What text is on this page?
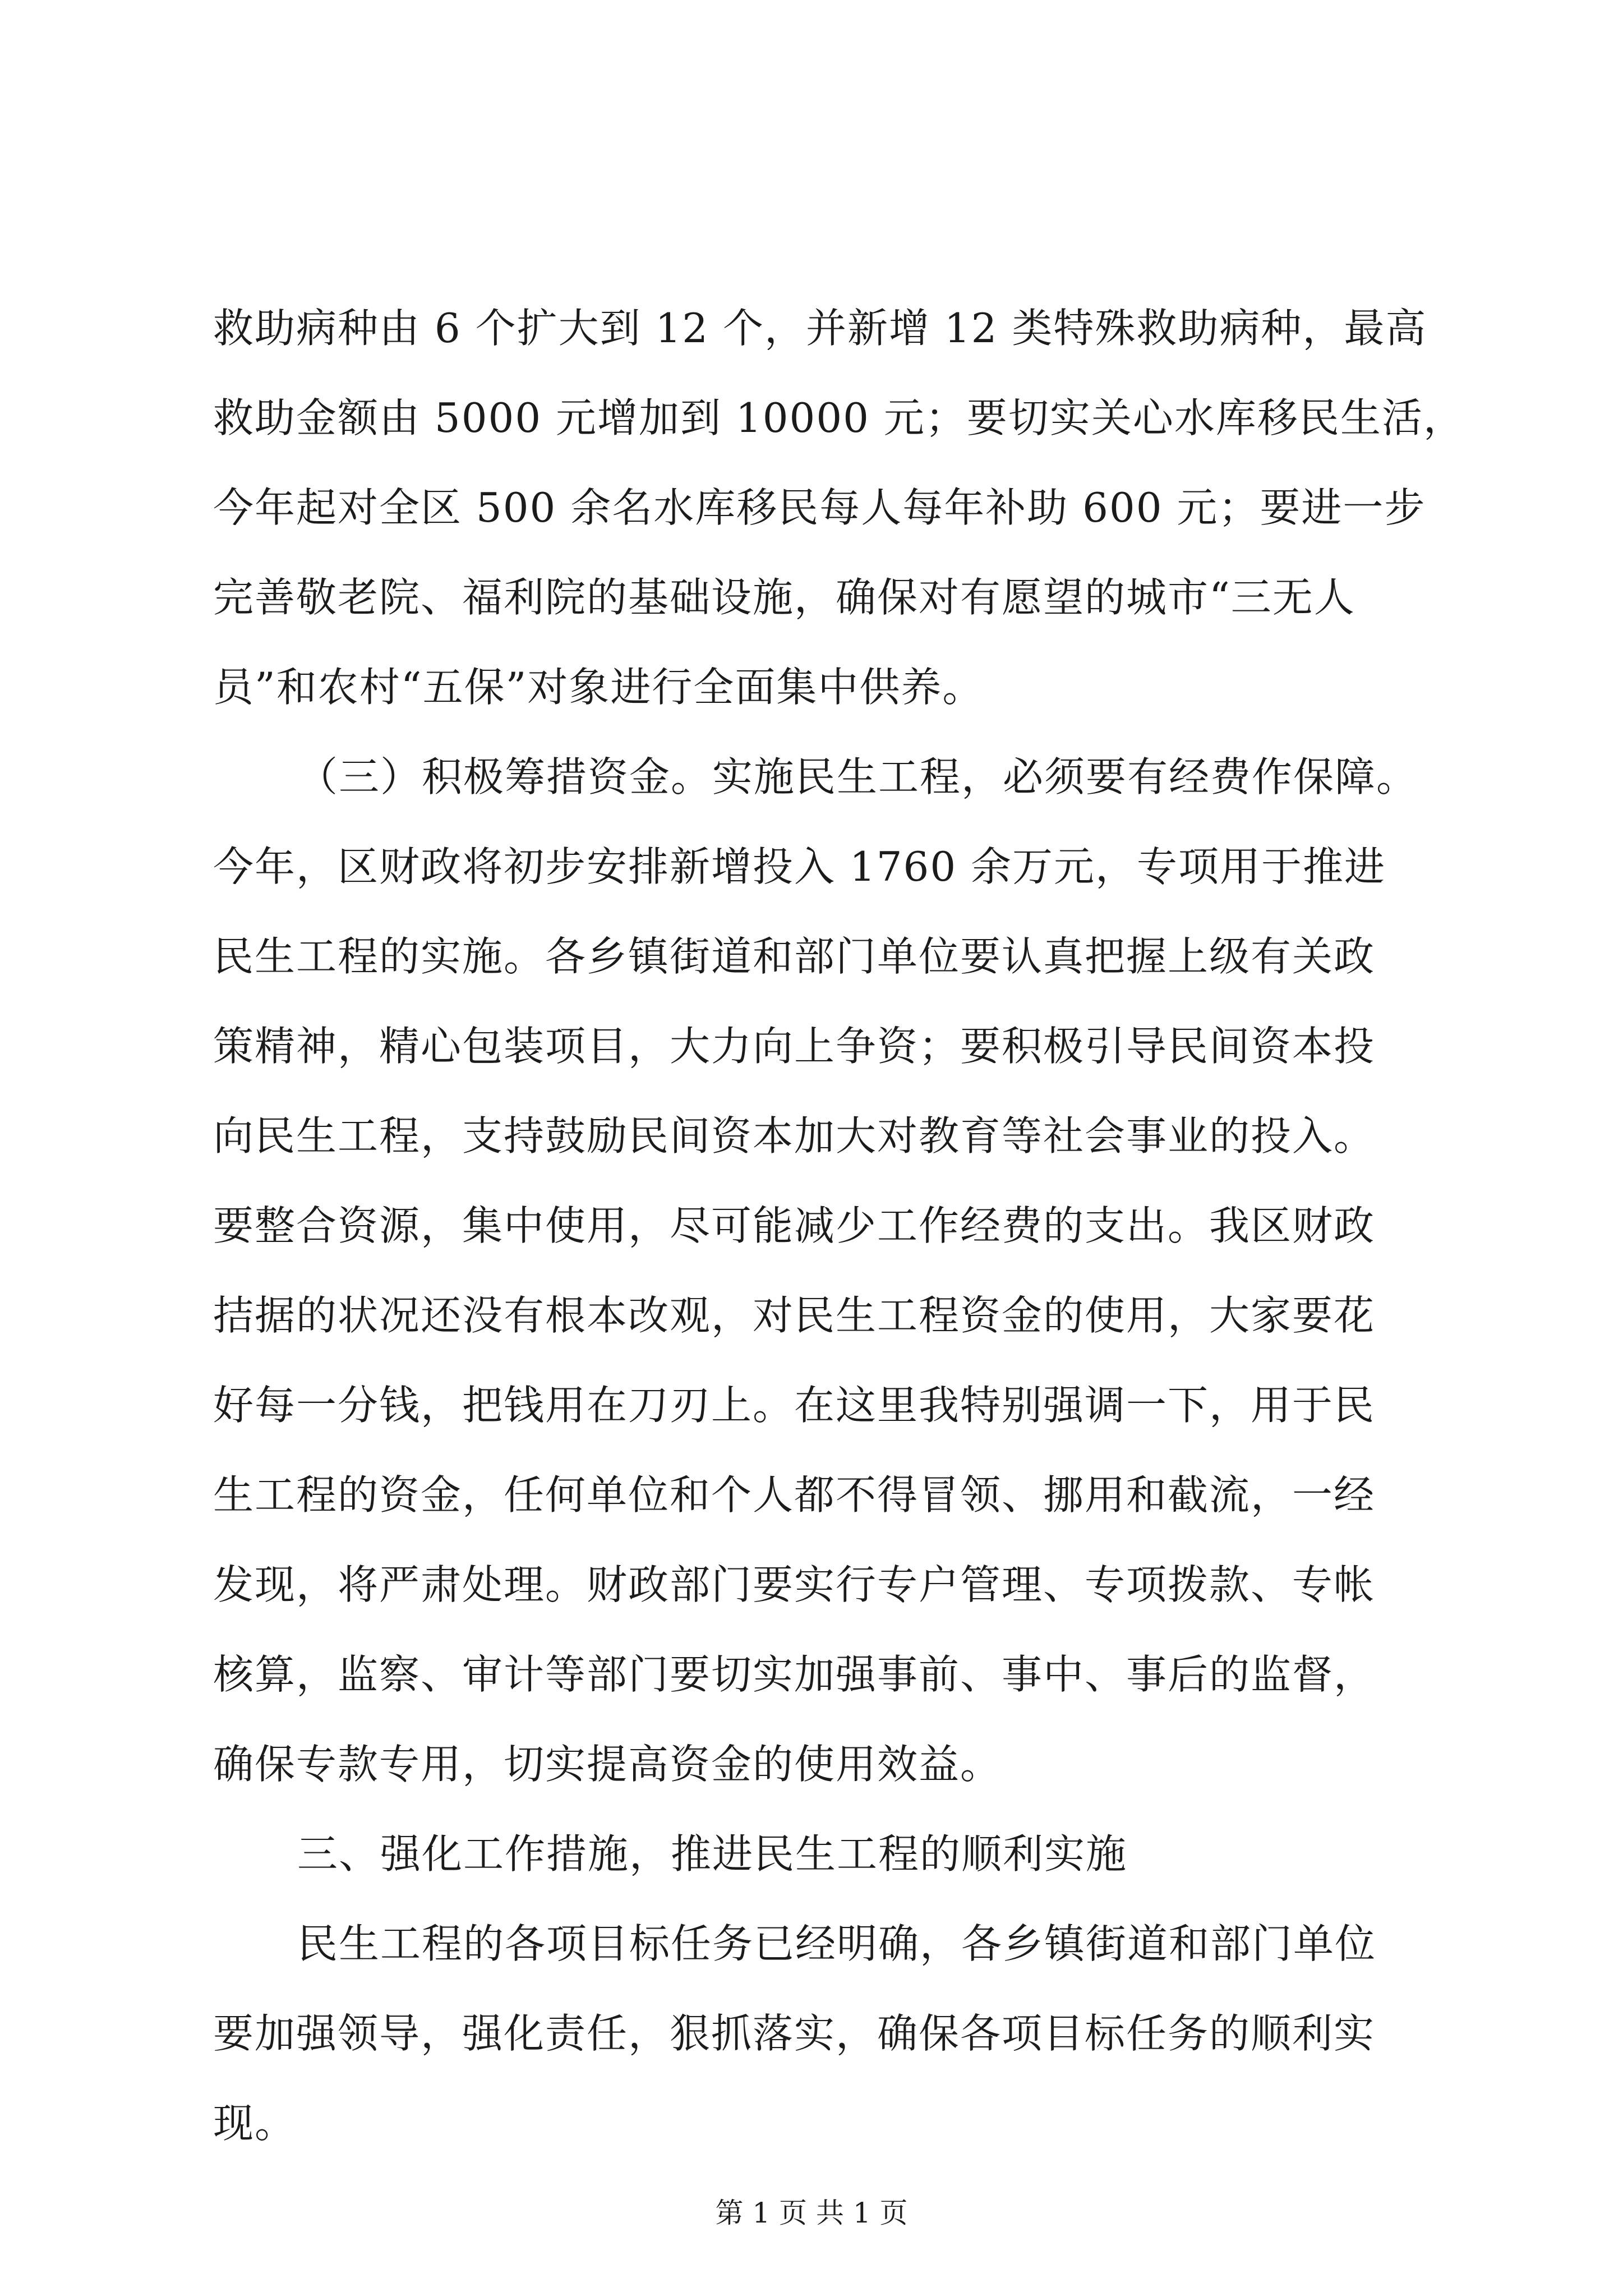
救助病种由 6 个扩大到 12 个，并新增 12 类特殊救助病种，最高
救助金额由 5000 元增加到 10000 元；要切实关心水库移民生活，
今年起对全区 500 余名水库移民每人每年补助 600 元；要进一步
完善敬老院、福利院的基础设施，确保对有愿望的城市“三无人
员”和农村“五保”对象进行全面集中供养。
（三）积极筹措资金。实施民生工程，必须要有经费作保障。
今年，区财政将初步安排新增投入 1760 余万元，专项用于推进
民生工程的实施。各乡镇街道和部门单位要认真把握上级有关政
策精神，精心包装项目，大力向上争资；要积极引导民间资本投
向民生工程，支持鼓励民间资本加大对教育等社会事业的投入。
要整合资源，集中使用，尽可能减少工作经费的支出。我区财政
拮据的状况还没有根本改观，对民生工程资金的使用，大家要花
好每一分钱，把钱用在刀刃上。在这里我特别强调一下，用于民
生工程的资金，任何单位和个人都不得冒领、挪用和截流，一经
发现，将严肃处理。财政部门要实行专户管理、专项拨款、专帐
核算，监察、审计等部门要切实加强事前、事中、事后的监督，
确保专款专用，切实提高资金的使用效益。
三、强化工作措施，推进民生工程的顺利实施
民生工程的各项目标任务已经明确，各乡镇街道和部门单位
要加强领导，强化责任，狠抓落实，确保各项目标任务的顺利实
现。
第 1 页 共 1 页
